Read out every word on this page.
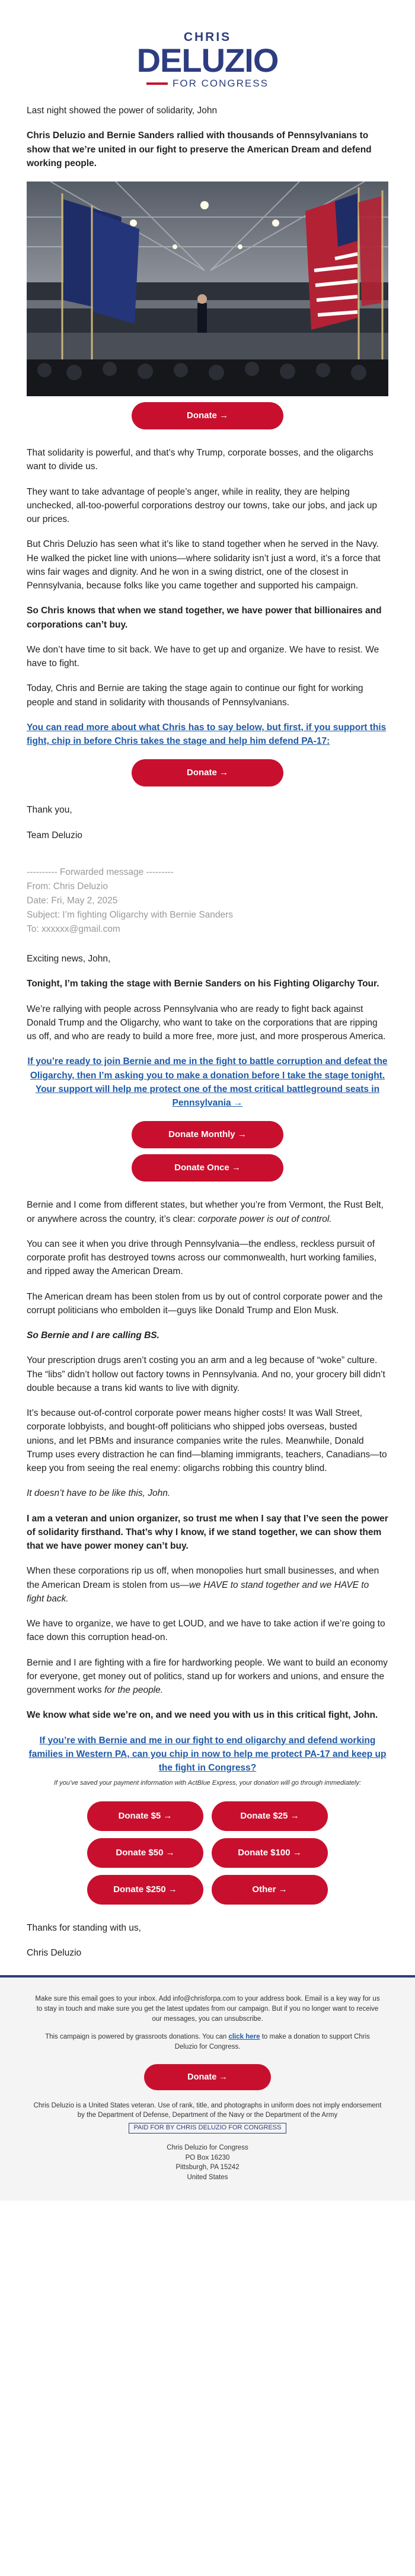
CHRIS
DELUZIO
FOR CONGRESS

Last night showed the power of solidarity, John

Chris Deluzio and Bernie Sanders rallied with thousands of Pennsylvanians to show that we’re united in our fight to preserve the American Dream and defend working people.

Donate →

That solidarity is powerful, and that’s why Trump, corporate bosses, and the oligarchs want to divide us.

They want to take advantage of people’s anger, while in reality, they are helping unchecked, all-too-powerful corporations destroy our towns, take our jobs, and jack up our prices.

But Chris Deluzio has seen what it’s like to stand together when he served in the Navy. He walked the picket line with unions—where solidarity isn’t just a word, it’s a force that wins fair wages and dignity. And he won in a swing district, one of the closest in Pennsylvania, because folks like you came together and supported his campaign.

So Chris knows that when we stand together, we have power that billionaires and corporations can’t buy.

We don’t have time to sit back. We have to get up and organize. We have to resist. We have to fight.

Today, Chris and Bernie are taking the stage again to continue our fight for working people and stand in solidarity with thousands of Pennsylvanians.

You can read more about what Chris has to say below, but first, if you support this fight, chip in before Chris takes the stage and help him defend PA-17:

Donate →

Thank you,

Team Deluzio

---------- Forwarded message ---------
From: Chris Deluzio
Date: Fri, May 2, 2025
Subject: I’m fighting Oligarchy with Bernie Sanders
To: xxxxxx@gmail.com

Exciting news, John,

Tonight, I’m taking the stage with Bernie Sanders on his Fighting Oligarchy Tour.

We’re rallying with people across Pennsylvania who are ready to fight back against Donald Trump and the Oligarchy, who want to take on the corporations that are ripping us off, and who are ready to build a more free, more just, and more prosperous America.

If you’re ready to join Bernie and me in the fight to battle corruption and defeat the Oligarchy, then I’m asking you to make a donation before I take the stage tonight. Your support will help me protect one of the most critical battleground seats in Pennsylvania →

Donate Monthly →
Donate Once →

Bernie and I come from different states, but whether you’re from Vermont, the Rust Belt, or anywhere across the country, it’s clear: corporate power is out of control.

You can see it when you drive through Pennsylvania—the endless, reckless pursuit of corporate profit has destroyed towns across our commonwealth, hurt working families, and ripped away the American Dream.

The American dream has been stolen from us by out of control corporate power and the corrupt politicians who embolden it—guys like Donald Trump and Elon Musk.

So Bernie and I are calling BS.

Your prescription drugs aren’t costing you an arm and a leg because of “woke” culture. The “libs” didn’t hollow out factory towns in Pennsylvania. And no, your grocery bill didn’t double because a trans kid wants to live with dignity.

It’s because out-of-control corporate power means higher costs! It was Wall Street, corporate lobbyists, and bought-off politicians who shipped jobs overseas, busted unions, and let PBMs and insurance companies write the rules. Meanwhile, Donald Trump uses every distraction he can find—blaming immigrants, teachers, Canadians—to keep you from seeing the real enemy: oligarchs robbing this country blind.

It doesn’t have to be like this, John.

I am a veteran and union organizer, so trust me when I say that I’ve seen the power of solidarity firsthand. That’s why I know, if we stand together, we can show them that we have power money can’t buy.

When these corporations rip us off, when monopolies hurt small businesses, and when the American Dream is stolen from us—we HAVE to stand together and we HAVE to fight back.

We have to organize, we have to get LOUD, and we have to take action if we’re going to face down this corruption head-on.

Bernie and I are fighting with a fire for hardworking people. We want to build an economy for everyone, get money out of politics, stand up for workers and unions, and ensure the government works for the people.

We know what side we’re on, and we need you with us in this critical fight, John.

If you’re with Bernie and me in our fight to end oligarchy and defend working families in Western PA, can you chip in now to help me protect PA-17 and keep up the fight in Congress?

If you’ve saved your payment information with ActBlue Express, your donation will go through immediately:
Donate $5 →	Donate $25 →
Donate $50 →	Donate $100 →
Donate $250 →	Other →

Thanks for standing with us,

Chris Deluzio

Make sure this email goes to your inbox. Add info@chrisforpa.com to your address book. Email is a key way for us to stay in touch and make sure you get the latest updates from our campaign. But if you no longer want to receive our messages, you can unsubscribe.

This campaign is powered by grassroots donations. You can click here to make a donation to support Chris Deluzio for Congress.

Donate →

Chris Deluzio is a United States veteran. Use of rank, title, and photographs in uniform does not imply endorsement by the Department of Defense, Department of the Navy or the Department of the Army

PAID FOR BY CHRIS DELUZIO FOR CONGRESS
Chris Deluzio for Congress
PO Box 16230
Pittsburgh, PA 15242
United States
